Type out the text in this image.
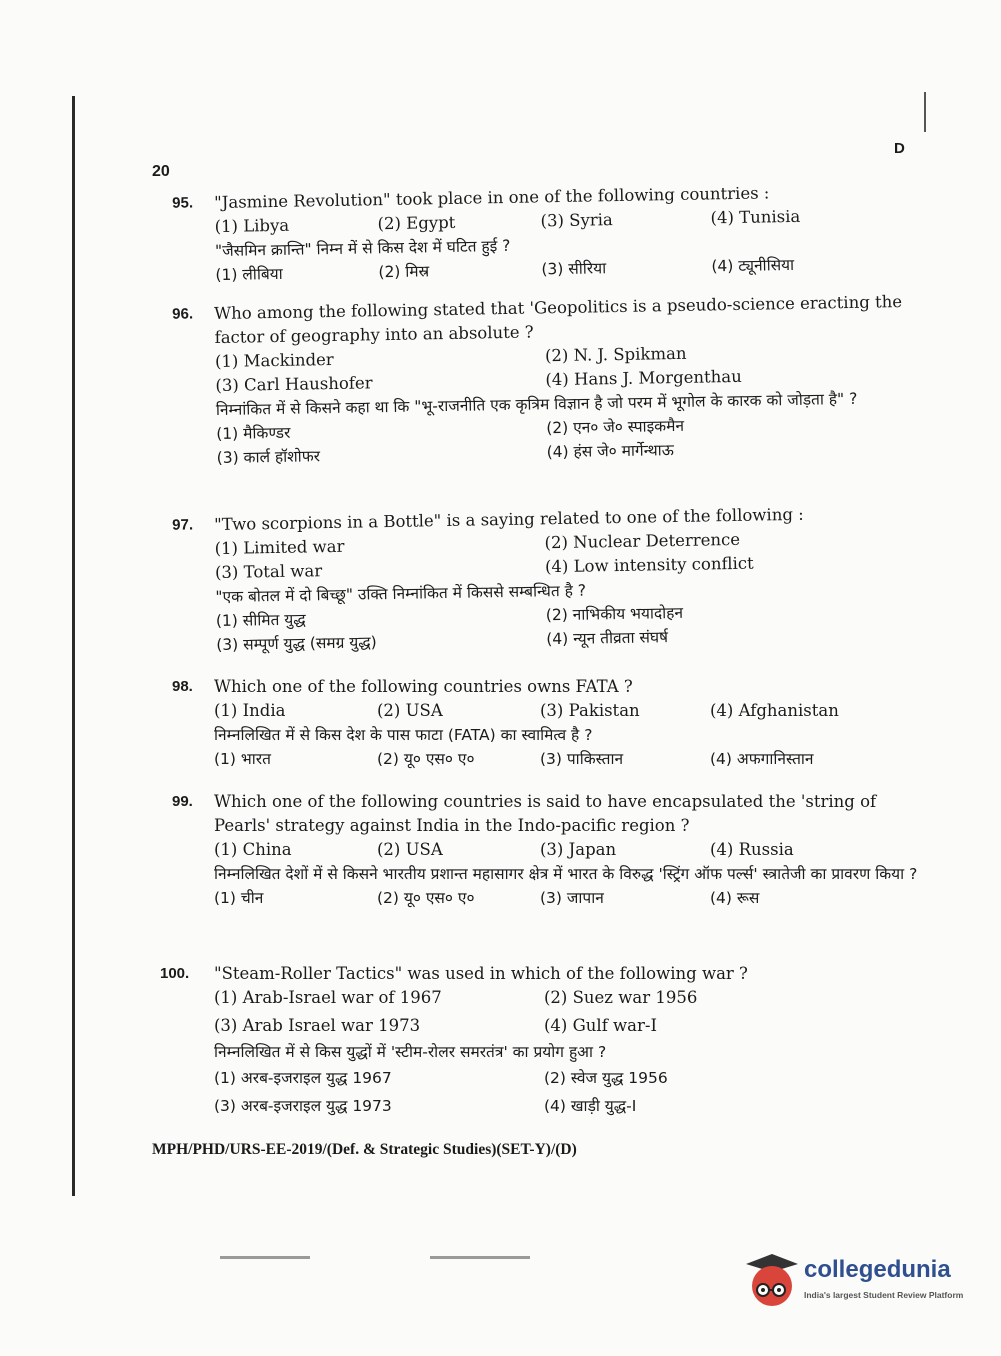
20
D
95. "Jasmine Revolution" took place in one of the following countries :
(1) Libya	(2) Egypt	(3) Syria	(4) Tunisia
"जैसमिन क्रान्ति" निम्न में से किस देश में घटित हुई ?
(1) लीबिया	(2) मिस्र	(3) सीरिया	(4) ट्यूनीसिया
96. Who among the following stated that 'Geopolitics is a pseudo-science eracting the factor of geography into an absolute ?
(1) Mackinder	(2) N. J. Spikman
(3) Carl Haushofer	(4) Hans J. Morgenthau
निम्नांकित में से किसने कहा था कि "भू-राजनीति एक कृत्रिम विज्ञान है जो परम में भूगोल के कारक को जोड़ता है" ?
(1) मैकिण्डर	(2) एन० जे० स्पाइकमैन
(3) कार्ल हॉशोफर	(4) हंस जे० मार्गेन्थाऊ
97. "Two scorpions in a Bottle" is a saying related to one of the following :
(1) Limited war	(2) Nuclear Deterrence
(3) Total war	(4) Low intensity conflict
"एक बोतल में दो बिच्छू" उक्ति निम्नांकित में किससे सम्बन्धित है ?
(1) सीमित युद्ध	(2) नाभिकीय भयादोहन
(3) सम्पूर्ण युद्ध (समग्र युद्ध)	(4) न्यून तीव्रता संघर्ष
98. Which one of the following countries owns FATA ?
(1) India	(2) USA	(3) Pakistan	(4) Afghanistan
निम्नलिखित में से किस देश के पास फाटा (FATA) का स्वामित्व है ?
(1) भारत	(2) यू० एस० ए०	(3) पाकिस्तान	(4) अफगानिस्तान
99. Which one of the following countries is said to have encapsulated the 'string of Pearls' strategy against India in the Indo-pacific region ?
(1) China	(2) USA	(3) Japan	(4) Russia
निम्नलिखित देशों में से किसने भारतीय प्रशान्त महासागर क्षेत्र में भारत के विरुद्ध 'स्ट्रिंग ऑफ पर्ल्स' स्त्रातेजी का प्रावरण किया ?
(1) चीन	(2) यू० एस० ए०	(3) जापान	(4) रूस
100. "Steam-Roller Tactics" was used in which of the following war ?
(1) Arab-Israel war of 1967	(2) Suez war 1956
(3) Arab Israel war 1973	(4) Gulf war-I
निम्नलिखित में से किस युद्धों में 'स्टीम-रोलर समरतंत्र' का प्रयोग हुआ ?
(1) अरब-इजराइल युद्ध 1967	(2) स्वेज युद्ध 1956
(3) अरब-इजराइल युद्ध 1973	(4) खाड़ी युद्ध-I
MPH/PHD/URS-EE-2019/(Def. & Strategic Studies)(SET-Y)/(D)
collegedunia
India's largest Student Review Platform
